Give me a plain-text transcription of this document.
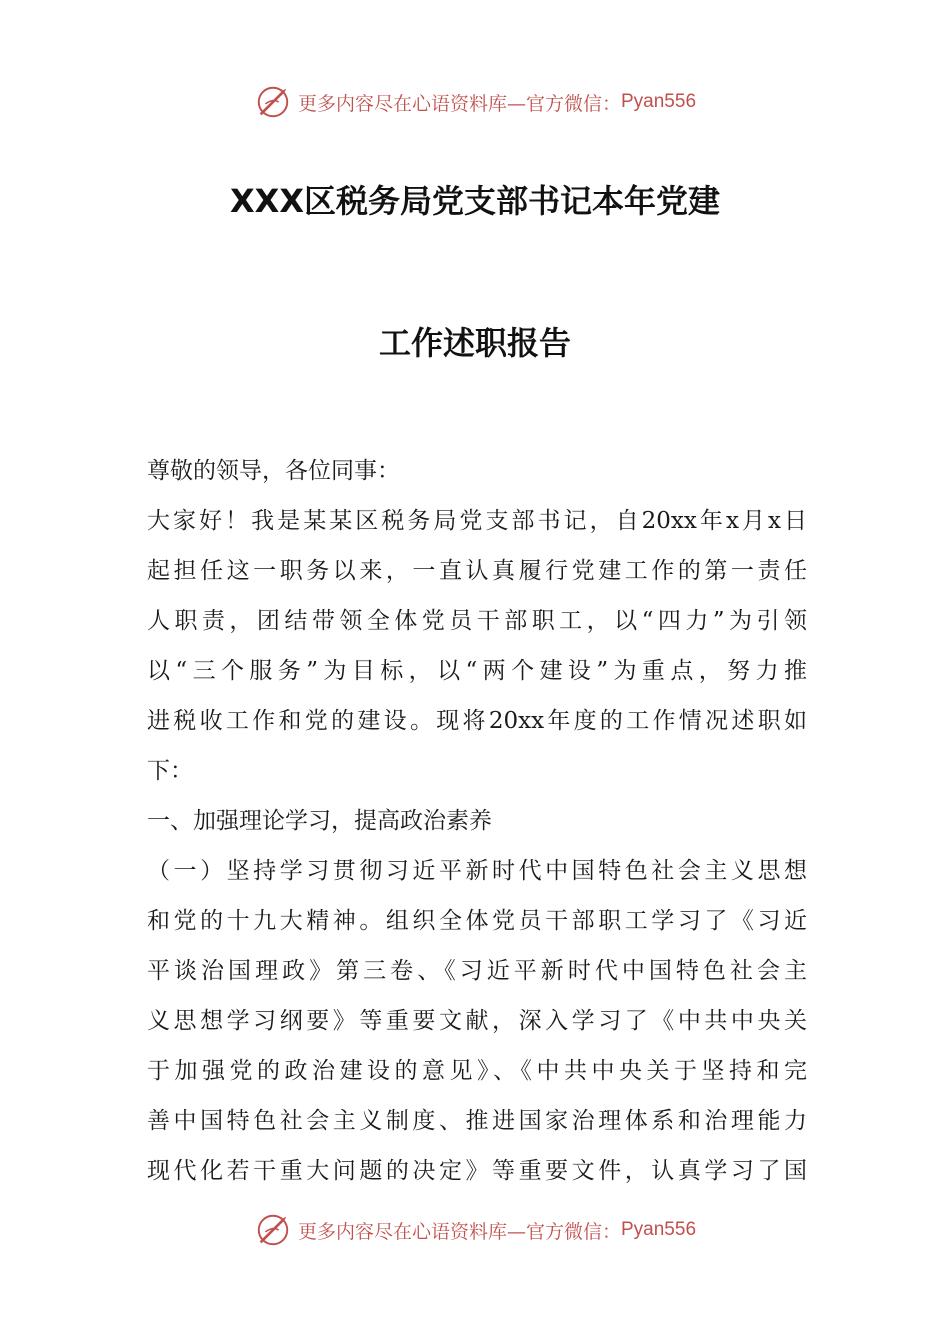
更多内容尽在心语资料库—官方微信： Pyan556
XXX区税务局党支部书记本年党建
工作述职报告
尊敬的领导，各位同事：
大家好！我是某某区税务局党支部书记，自20xx年x月x日
起担任这一职务以来，一直认真履行党建工作的第一责任
人职责，团结带领全体党员干部职工，以“四力”为引领
以“三个服务”为目标，以“两个建设”为重点，努力推
进税收工作和党的建设。现将20xx年度的工作情况述职如
下：
一、加强理论学习，提高政治素养
（一）坚持学习贯彻习近平新时代中国特色社会主义思想
和党的十九大精神。组织全体党员干部职工学习了《习近
平谈治国理政》第三卷、《习近平新时代中国特色社会主
义思想学习纲要》等重要文献，深入学习了《中共中央关
于加强党的政治建设的意见》、《中共中央关于坚持和完
善中国特色社会主义制度、推进国家治理体系和治理能力
现代化若干重大问题的决定》等重要文件，认真学习了国
更多内容尽在心语资料库—官方微信： Pyan556
